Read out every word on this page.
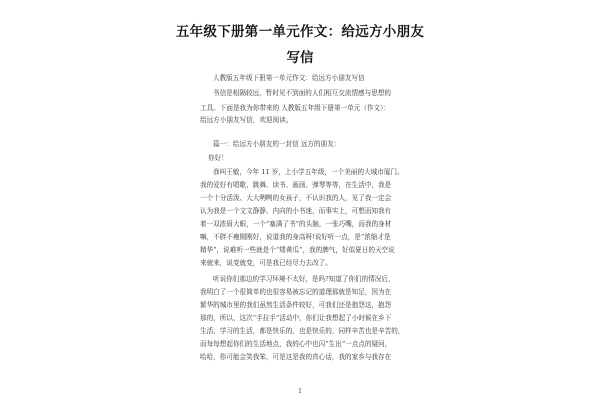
五年级下册第一单元作文：给远方小朋友
写信
人教版五年级下册第一单元作文：给远方小朋友写信
书信是相隔较远，暂时见不到面的人们相互交流情感与思想的
工具。下面是我为你带来的 人教版五年级下册第一单元（作文）：
给远方小朋友写信，欢迎阅读。
篇一：给远方小朋友的一封信 远方的朋友：
你好！
我叫王敏，今年 11 岁，上小学五年级，一个美丽的大城市厦门。
我的爱好有唱歌、跳舞、读书、画画、弹琴等等，在生活中，我是
一个十分活泼、大大咧咧的女孩子，不认识我的人，见了我一定会
认为我是一个文文静静、内向的小书迷，而事实上，可想而知我有
着一双浓眉大眼，一个“塞满了书”的头脑，一张巧嘴，而我的身材
嘛，不胖不瘦刚刚好，说道我的身高呀!说好听一点，是“浓缩才是
精华”，说难听一些就是个“矮黄瓜”，我的脾气，好似夏日的天空说
来就来，说变就变，可是我已经尽力去改了。
听说你们那边的学习环境不太好，是吗?知道了你们的情况后，
我明白了一个很简单的也很容易被忘记的道理那就是知足，因为在
繁华的城市里的我们虽然生活条件较好，可我们还是抱怨这，抱怨
那的，所以，这次“手拉手”活动中，你们让我想起了小时候在乡下
生活、学习的生活，都是快乐的，也是快乐的，同样辛苦也是辛苦的，
而每每想起你们的生活地点，我的心中也闪“生出”一点点的疑问，
哈哈，你可能会笑我笨，可是这是我的真心话，我的家乡与我存在
1
